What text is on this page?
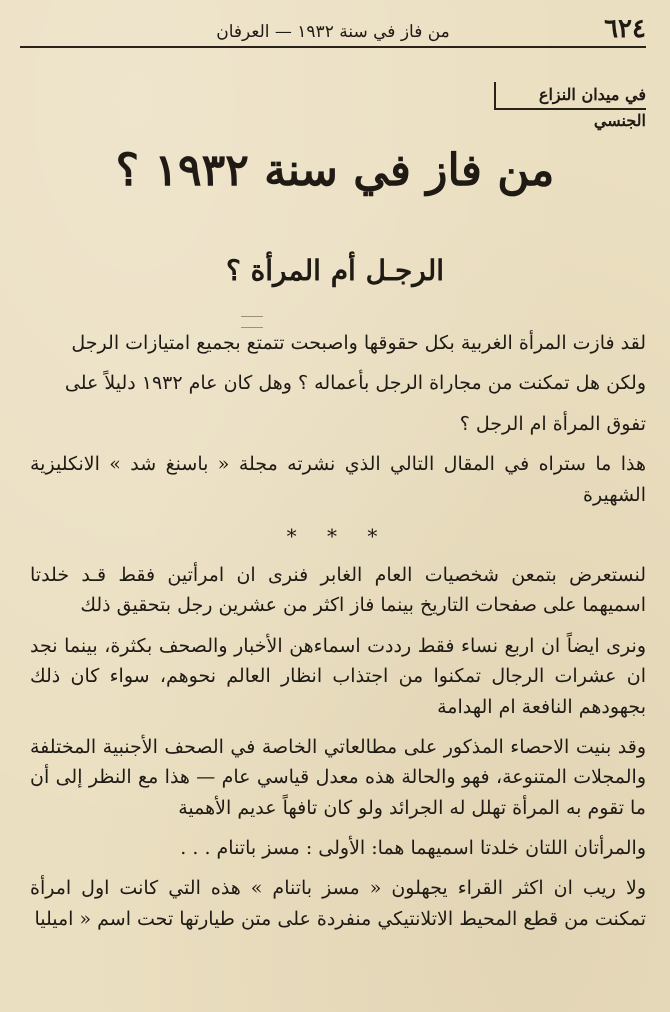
٦٢٤
من فاز في سنة ١٩٣٢ — العرفان
في ميدان النزاع الجنسي
من فاز في سنة ١٩٣٢ ؟
الرجـل أم المرأة ؟

لقد فازت المرأة الغربية بكل حقوقها واصبحت تتمتع بجميع امتيازات الرجل

ولكن هل تمكنت من مجاراة الرجل بأعماله ؟ وهل كان عام ١٩٣٢ دليلاً على

تفوق المرأة ام الرجل ؟

هذا ما ستراه في المقال التالي الذي نشرته مجلة « باسنغ شد » الانكليزية الشهيرة

* * *

لنستعرض بتمعن شخصيات العام الغابر فنرى ان امرأتين فقط قـد خلدتا اسميهما على صفحات التاريخ بينما فاز اكثر من عشرين رجل بتحقيق ذلك

ونرى ايضاً ان اربع نساء فقط رددت اسماءهن الأخبار والصحف بكثرة، بينما نجد ان عشرات الرجال تمكنوا من اجتذاب انظار العالم نحوهم، سواء كان ذلك بجهودهم النافعة ام الهدامة

وقد بنيت الاحصاء المذكور على مطالعاتي الخاصة في الصحف الأجنبية المختلفة والمجلات المتنوعة، فهو والحالة هذه معدل قياسي عام — هذا مع النظر إلى أن ما تقوم به المرأة تهلل له الجرائد ولو كان تافهاً عديم الأهمية

والمرأتان اللتان خلدتا اسميهما هما: الأولى : مسز باتنام . . .

ولا ريب ان اكثر القراء يجهلون « مسز باتنام » هذه التي كانت اول امرأة تمكنت من قطع المحيط الاتلانتيكي منفردة على متن طيارتها تحت اسم « اميليا
